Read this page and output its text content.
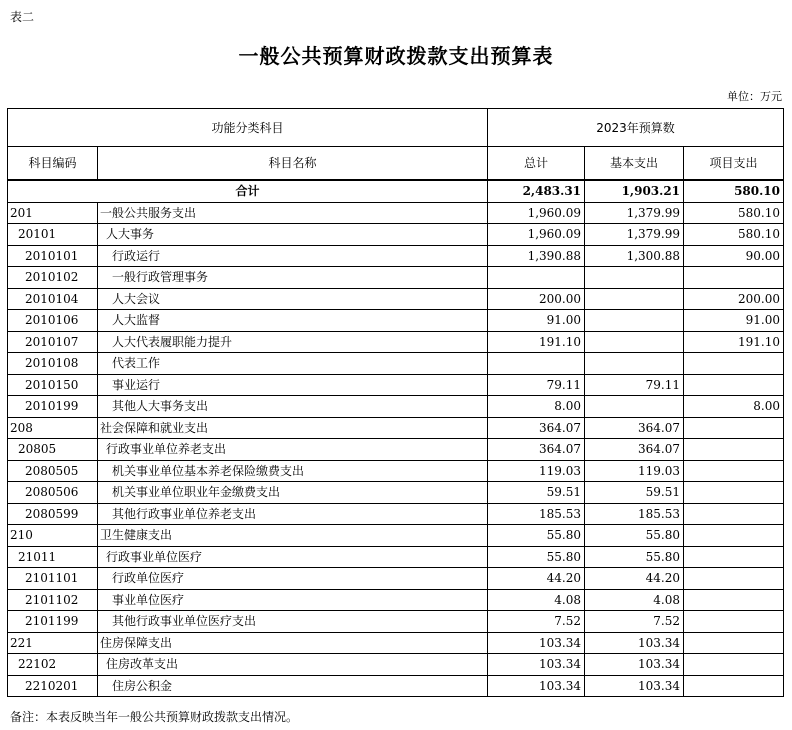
表二
一般公共预算财政拨款支出预算表
单位：万元
功能分类科目		2023年预算数		
科目编码	科目名称	总计	基本支出	项目支出
合计		2,483.31	1,903.21	580.10
201	一般公共服务支出	1,960.09	1,379.99	580.10
20101	人大事务	1,960.09	1,379.99	580.10
2010101	行政运行	1,390.88	1,300.88	90.00
2010102	一般行政管理事务			
2010104	人大会议	200.00		200.00
2010106	人大监督	91.00		91.00
2010107	人大代表履职能力提升	191.10		191.10
2010108	代表工作			
2010150	事业运行	79.11	79.11	
2010199	其他人大事务支出	8.00		8.00
208	社会保障和就业支出	364.07	364.07	
20805	行政事业单位养老支出	364.07	364.07	
2080505	机关事业单位基本养老保险缴费支出	119.03	119.03	
2080506	机关事业单位职业年金缴费支出	59.51	59.51	
2080599	其他行政事业单位养老支出	185.53	185.53	
210	卫生健康支出	55.80	55.80	
21011	行政事业单位医疗	55.80	55.80	
2101101	行政单位医疗	44.20	44.20	
2101102	事业单位医疗	4.08	4.08	
2101199	其他行政事业单位医疗支出	7.52	7.52	
221	住房保障支出	103.34	103.34	
22102	住房改革支出	103.34	103.34	
2210201	住房公积金	103.34	103.34	
备注：本表反映当年一般公共预算财政拨款支出情况。
